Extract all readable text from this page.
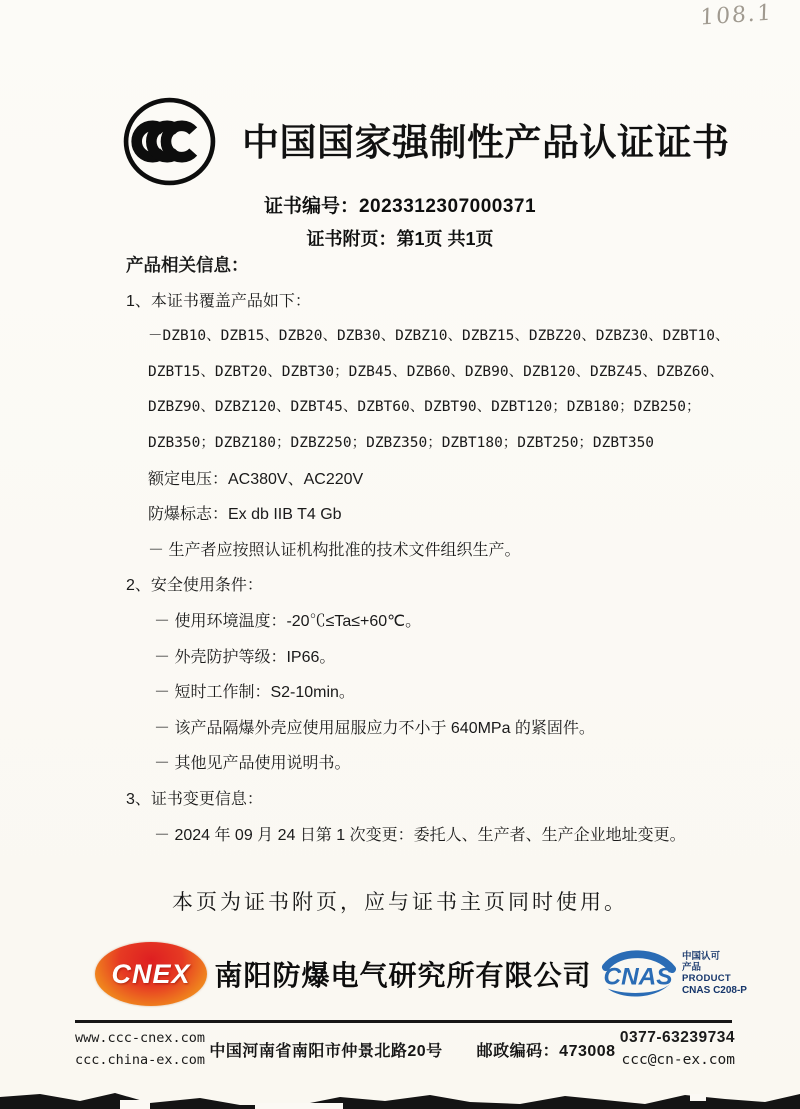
108.1
中国国家强制性产品认证证书
证书编号：2023312307000371
证书附页：第1页 共1页
产品相关信息：
1、本证书覆盖产品如下：
－DZB10、DZB15、DZB20、DZB30、DZBZ10、DZBZ15、DZBZ20、DZBZ30、DZBT10、
DZBT15、DZBT20、DZBT30；DZB45、DZB60、DZB90、DZB120、DZBZ45、DZBZ60、
DZBZ90、DZBZ120、DZBT45、DZBT60、DZBT90、DZBT120；DZB180；DZB250；
DZB350；DZBZ180；DZBZ250；DZBZ350；DZBT180；DZBT250；DZBT350
额定电压：AC380V、AC220V
防爆标志：Ex db IIB T4 Gb
－ 生产者应按照认证机构批准的技术文件组织生产。
2、安全使用条件：
－ 使用环境温度：-20℃≤Ta≤+60℃。
－ 外壳防护等级：IP66。
－ 短时工作制：S2-10min。
－ 该产品隔爆外壳应使用屈服应力不小于 640MPa 的紧固件。
－ 其他见产品使用说明书。
3、证书变更信息：
－ 2024 年 09 月 24 日第 1 次变更：委托人、生产者、生产企业地址变更。
本页为证书附页，应与证书主页同时使用。
CNEX 南阳防爆电气研究所有限公司 CNAS
中国认可
产品
PRODUCT
CNAS C208-P
www.ccc-cnex.com
ccc.china-ex.com
中国河南省南阳市仲景北路20号 邮政编码：473008
0377-63239734
ccc@cn-ex.com
